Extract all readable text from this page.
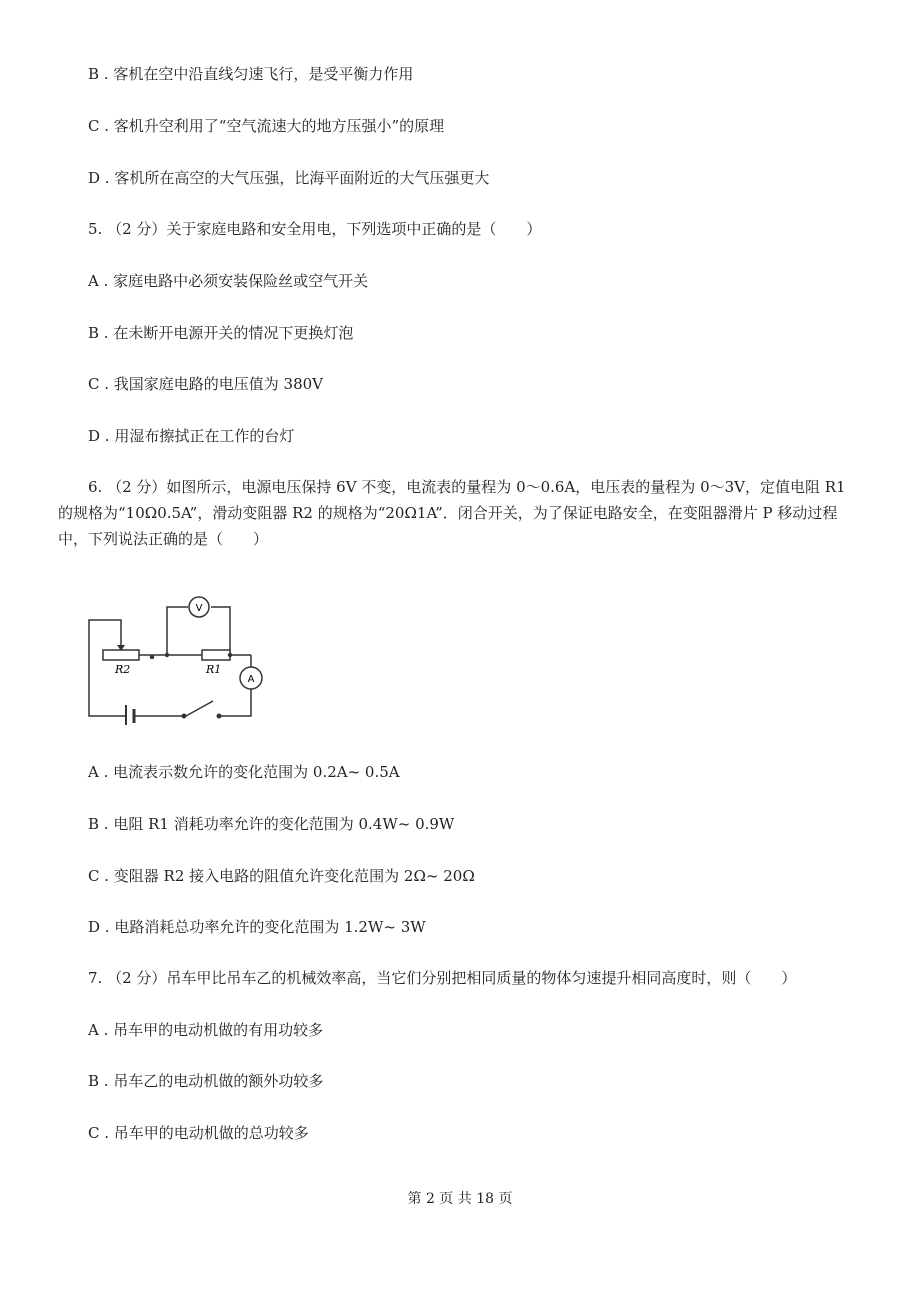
B . 客机在空中沿直线匀速飞行，是受平衡力作用
C . 客机升空利用了“空气流速大的地方压强小”的原理
D . 客机所在高空的大气压强，比海平面附近的大气压强更大
5. （2 分）关于家庭电路和安全用电，下列选项中正确的是（　　）
A . 家庭电路中必须安装保险丝或空气开关
B . 在未断开电源开关的情况下更换灯泡
C . 我国家庭电路的电压值为 380V
D . 用湿布擦拭正在工作的台灯
6. （2 分）如图所示，电源电压保持 6V 不变，电流表的量程为 0～0.6A，电压表的量程为 0～3V，定值电阻 R1 的规格为“10Ω0.5A”，滑动变阻器 R2 的规格为“20Ω1A”．闭合开关，为了保证电路安全，在变阻器滑片 P 移动过程中，下列说法正确的是（　　）
V
A
R2	R1
A . 电流表示数允许的变化范围为 0.2A~ 0.5A
B . 电阻 R1 消耗功率允许的变化范围为 0.4W~ 0.9W
C . 变阻器 R2 接入电路的阻值允许变化范围为 2Ω~ 20Ω
D . 电路消耗总功率允许的变化范围为 1.2W~ 3W
7. （2 分）吊车甲比吊车乙的机械效率高，当它们分别把相同质量的物体匀速提升相同高度时，则（　　）
A . 吊车甲的电动机做的有用功较多
B . 吊车乙的电动机做的额外功较多
C . 吊车甲的电动机做的总功较多
第 2 页 共 18 页
